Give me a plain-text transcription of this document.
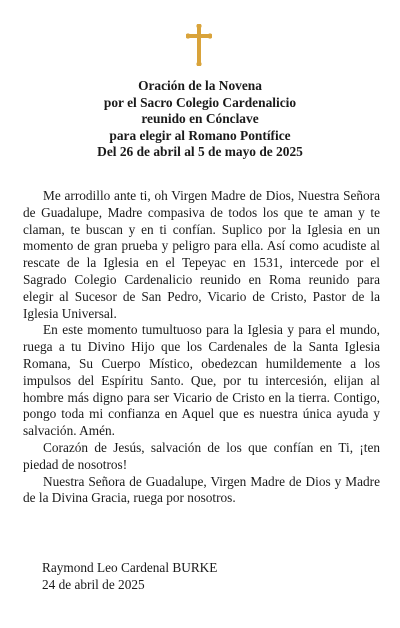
Oración de la Novena
por el Sacro Colegio Cardenalicio
reunido en Cónclave
para elegir al Romano Pontífice
Del 26 de abril al 5 de mayo de 2025

Me arrodillo ante ti, oh Virgen Madre de Dios, Nuestra Señora de Guadalupe, Madre compasiva de todos los que te aman y te claman, te buscan y en ti confían. Suplico por la Iglesia en un momento de gran prueba y peligro para ella. Así como acudiste al rescate de la Iglesia en el Tepeyac en 1531, intercede por el Sagrado Colegio Cardenalicio reunido en Roma reunido para elegir al Sucesor de San Pedro, Vicario de Cristo, Pastor de la Iglesia Universal.

En este momento tumultuoso para la Iglesia y para el mundo, ruega a tu Divino Hijo que los Cardenales de la Santa Iglesia Romana, Su Cuerpo Místico, obedezcan humildemente a los impulsos del Espíritu Santo. Que, por tu intercesión, elijan al hombre más digno para ser Vicario de Cristo en la tierra. Contigo, pongo toda mi confianza en Aquel que es nuestra única ayuda y salvación. Amén.

Corazón de Jesús, salvación de los que confían en Ti, ¡ten piedad de nosotros!

Nuestra Señora de Guadalupe, Virgen Madre de Dios y Madre de la Divina Gracia, ruega por nosotros.

Raymond Leo Cardenal BURKE
24 de abril de 2025
